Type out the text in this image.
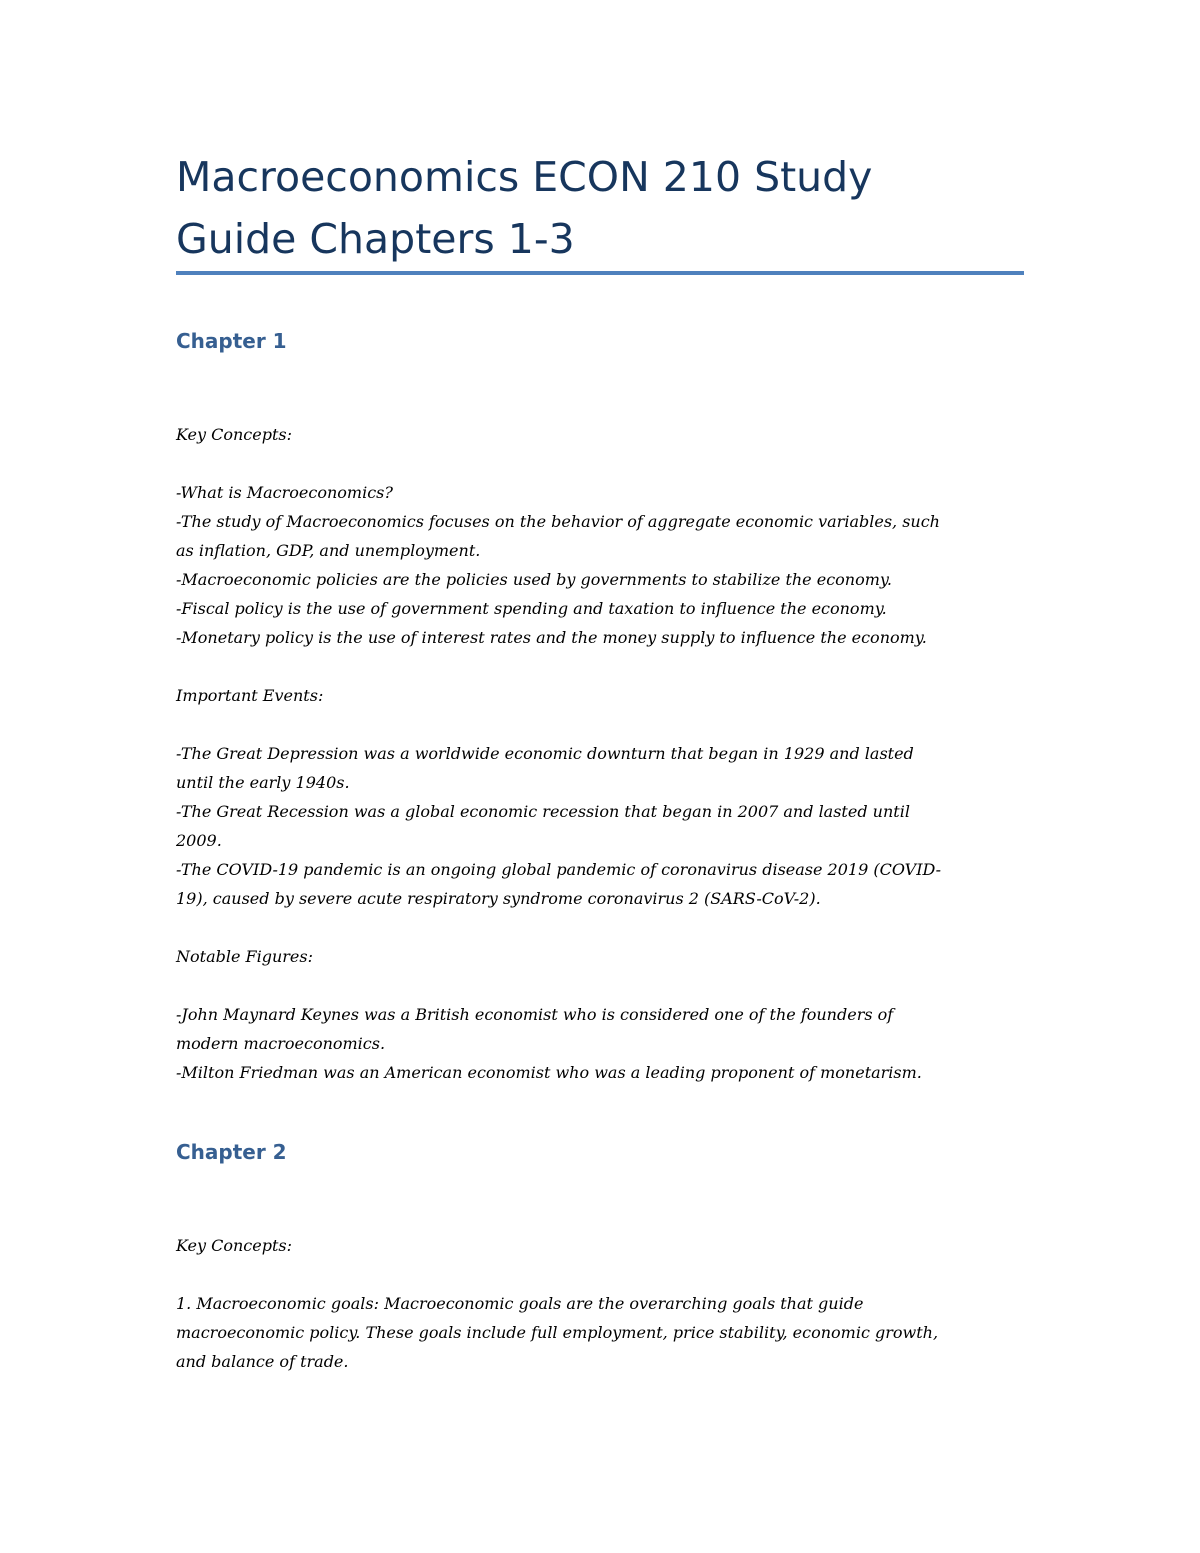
Macroeconomics ECON 210 Study
Guide Chapters 1-3
Chapter 1

Key Concepts:

-What is Macroeconomics?
-The study of Macroeconomics focuses on the behavior of aggregate economic variables, such
as inflation, GDP, and unemployment.
-Macroeconomic policies are the policies used by governments to stabilize the economy.
-Fiscal policy is the use of government spending and taxation to influence the economy.
-Monetary policy is the use of interest rates and the money supply to influence the economy.

Important Events:

-The Great Depression was a worldwide economic downturn that began in 1929 and lasted
until the early 1940s.
-The Great Recession was a global economic recession that began in 2007 and lasted until
2009.
-The COVID-19 pandemic is an ongoing global pandemic of coronavirus disease 2019 (COVID-
19), caused by severe acute respiratory syndrome coronavirus 2 (SARS-CoV-2).

Notable Figures:

-John Maynard Keynes was a British economist who is considered one of the founders of
modern macroeconomics.
-Milton Friedman was an American economist who was a leading proponent of monetarism.
Chapter 2

Key Concepts:

1. Macroeconomic goals: Macroeconomic goals are the overarching goals that guide
macroeconomic policy. These goals include full employment, price stability, economic growth,
and balance of trade.
